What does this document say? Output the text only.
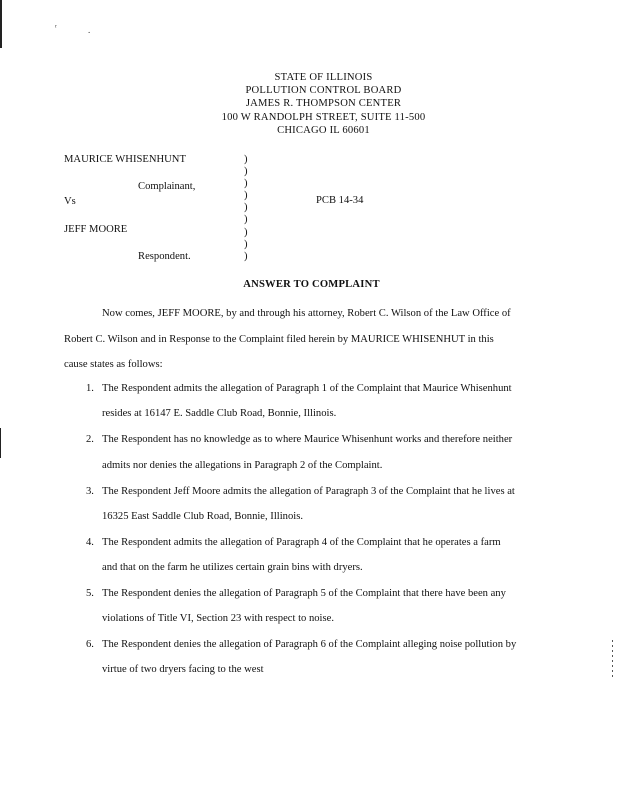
ʳ	.
STATE OF ILLINOIS
POLLUTION CONTROL BOARD
JAMES R. THOMPSON CENTER
100 W RANDOLPH STREET, SUITE 11-500
CHICAGO IL 60601
MAURICE WHISENHUNT
Complainant,
Vs
JEFF MOORE
Respondent.
)
)
)
)
)
)
)
)
)
PCB 14-34
ANSWER TO COMPLAINT
Now comes, JEFF MOORE, by and through his attorney, Robert C. Wilson of the Law Office of
Robert C. Wilson and in Response to the Complaint filed herein by MAURICE WHISENHUT in this
cause states as follows:
1. The Respondent admits the allegation of Paragraph 1 of the Complaint that Maurice Whisenhunt
resides at 16147 E. Saddle Club Road, Bonnie, Illinois.
2. The Respondent has no knowledge as to where Maurice Whisenhunt works and therefore neither
admits nor denies the allegations in Paragraph 2 of the Complaint.
3. The Respondent Jeff Moore admits the allegation of Paragraph 3 of the Complaint that he lives at
16325 East Saddle Club Road, Bonnie, Illinois.
4. The Respondent admits the allegation of Paragraph 4 of the Complaint that he operates a farm
and that on the farm he utilizes certain grain bins with dryers.
5. The Respondent denies the allegation of Paragraph 5 of the Complaint that there have been any
violations of Title VI, Section 23 with respect to noise.
6. The Respondent denies the allegation of Paragraph 6 of the Complaint alleging noise pollution by
virtue of two dryers facing to the west
